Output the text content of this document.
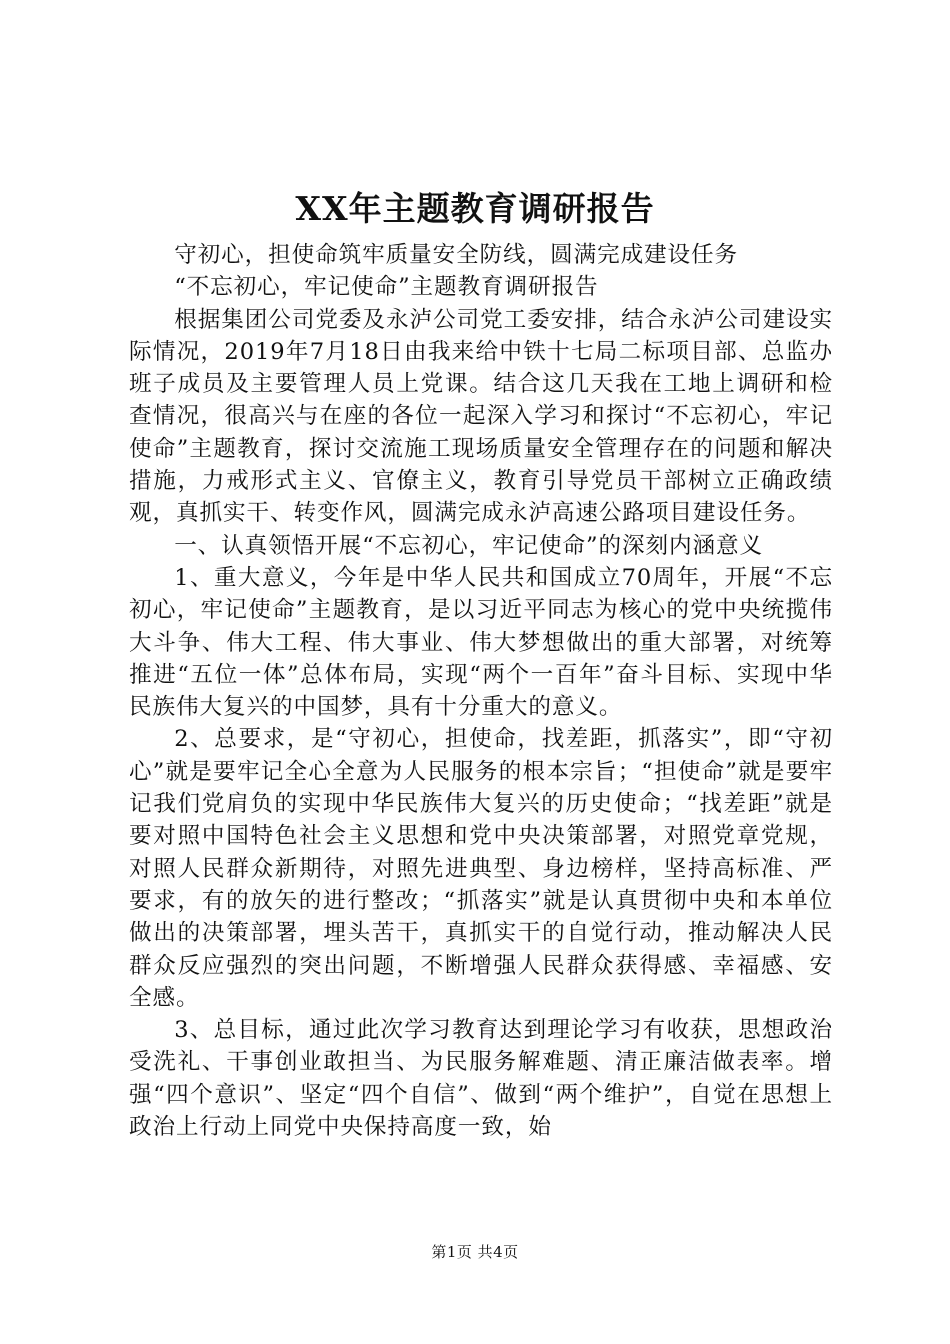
XX年主题教育调研报告

守初心，担使命筑牢质量安全防线，圆满完成建设任务

“不忘初心，牢记使命”主题教育调研报告

根据集团公司党委及永泸公司党工委安排，结合永泸公司建设实际情况，2019年7月18日由我来给中铁十七局二标项目部、总监办班子成员及主要管理人员上党课。结合这几天我在工地上调研和检查情况，很高兴与在座的各位一起深入学习和探讨“不忘初心，牢记使命”主题教育，探讨交流施工现场质量安全管理存在的问题和解决措施，力戒形式主义、官僚主义，教育引导党员干部树立正确政绩观，真抓实干、转变作风，圆满完成永泸高速公路项目建设任务。

一、认真领悟开展“不忘初心，牢记使命”的深刻内涵意义

1、重大意义，今年是中华人民共和国成立70周年，开展“不忘初心，牢记使命”主题教育，是以习近平同志为核心的党中央统揽伟大斗争、伟大工程、伟大事业、伟大梦想做出的重大部署，对统筹推进“五位一体”总体布局，实现“两个一百年”奋斗目标、实现中华民族伟大复兴的中国梦，具有十分重大的意义。

2、总要求，是“守初心，担使命，找差距，抓落实”，即“守初心”就是要牢记全心全意为人民服务的根本宗旨；“担使命”就是要牢记我们党肩负的实现中华民族伟大复兴的历史使命；“找差距”就是要对照中国特色社会主义思想和党中央决策部署，对照党章党规，对照人民群众新期待，对照先进典型、身边榜样，坚持高标准、严要求，有的放矢的进行整改；“抓落实”就是认真贯彻中央和本单位做出的决策部署，埋头苦干，真抓实干的自觉行动，推动解决人民群众反应强烈的突出问题，不断增强人民群众获得感、幸福感、安全感。

3、总目标，通过此次学习教育达到理论学习有收获，思想政治受洗礼、干事创业敢担当、为民服务解难题、清正廉洁做表率。增强“四个意识”、坚定“四个自信”、做到“两个维护”，自觉在思想上政治上行动上同党中央保持高度一致，始

第1页 共4页
